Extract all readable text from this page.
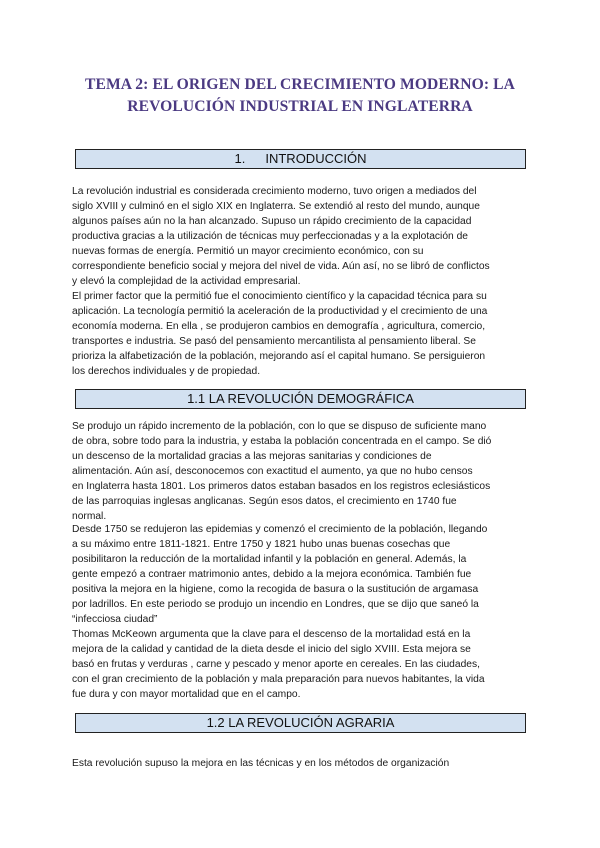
TEMA 2: EL ORIGEN DEL CRECIMIENTO MODERNO: LA
REVOLUCIÓN INDUSTRIAL EN INGLATERRA
1. INTRODUCCIÓN

La revolución industrial es considerada crecimiento moderno, tuvo origen a mediados del
siglo XVIII y culminó en el siglo XIX en Inglaterra. Se extendió al resto del mundo, aunque
algunos países aún no la han alcanzado. Supuso un rápido crecimiento de la capacidad
productiva gracias a la utilización de técnicas muy perfeccionadas y a la explotación de
nuevas formas de energía. Permitió un mayor crecimiento económico, con su
correspondiente beneficio social y mejora del nivel de vida. Aún así, no se libró de conflictos
y elevó la complejidad de la actividad empresarial.

El primer factor que la permitió fue el conocimiento científico y la capacidad técnica para su
aplicación. La tecnología permitió la aceleración de la productividad y el crecimiento de una
economía moderna. En ella , se produjeron cambios en demografía , agricultura, comercio,
transportes e industria. Se pasó del pensamiento mercantilista al pensamiento liberal. Se
prioriza la alfabetización de la población, mejorando así el capital humano. Se persiguieron
los derechos individuales y de propiedad.

1.1 LA REVOLUCIÓN DEMOGRÁFICA

Se produjo un rápido incremento de la población, con lo que se dispuso de suficiente mano
de obra, sobre todo para la industria, y estaba la población concentrada en el campo. Se dió
un descenso de la mortalidad gracias a las mejoras sanitarias y condiciones de
alimentación. Aún así, desconocemos con exactitud el aumento, ya que no hubo censos
en Inglaterra hasta 1801. Los primeros datos estaban basados en los registros eclesiásticos
de las parroquias inglesas anglicanas. Según esos datos, el crecimiento en 1740 fue
normal.

Desde 1750 se redujeron las epidemias y comenzó el crecimiento de la población, llegando
a su máximo entre 1811-1821. Entre 1750 y 1821 hubo unas buenas cosechas que
posibilitaron la reducción de la mortalidad infantil y la población en general. Además, la
gente empezó a contraer matrimonio antes, debido a la mejora económica. También fue
positiva la mejora en la higiene, como la recogida de basura o la sustitución de argamasa
por ladrillos. En este periodo se produjo un incendio en Londres, que se dijo que saneó la
“infecciosa ciudad”

Thomas McKeown argumenta que la clave para el descenso de la mortalidad está en la
mejora de la calidad y cantidad de la dieta desde el inicio del siglo XVIII. Esta mejora se
basó en frutas y verduras , carne y pescado y menor aporte en cereales. En las ciudades,
con el gran crecimiento de la población y mala preparación para nuevos habitantes, la vida
fue dura y con mayor mortalidad que en el campo.

1.2 LA REVOLUCIÓN AGRARIA

Esta revolución supuso la mejora en las técnicas y en los métodos de organización
